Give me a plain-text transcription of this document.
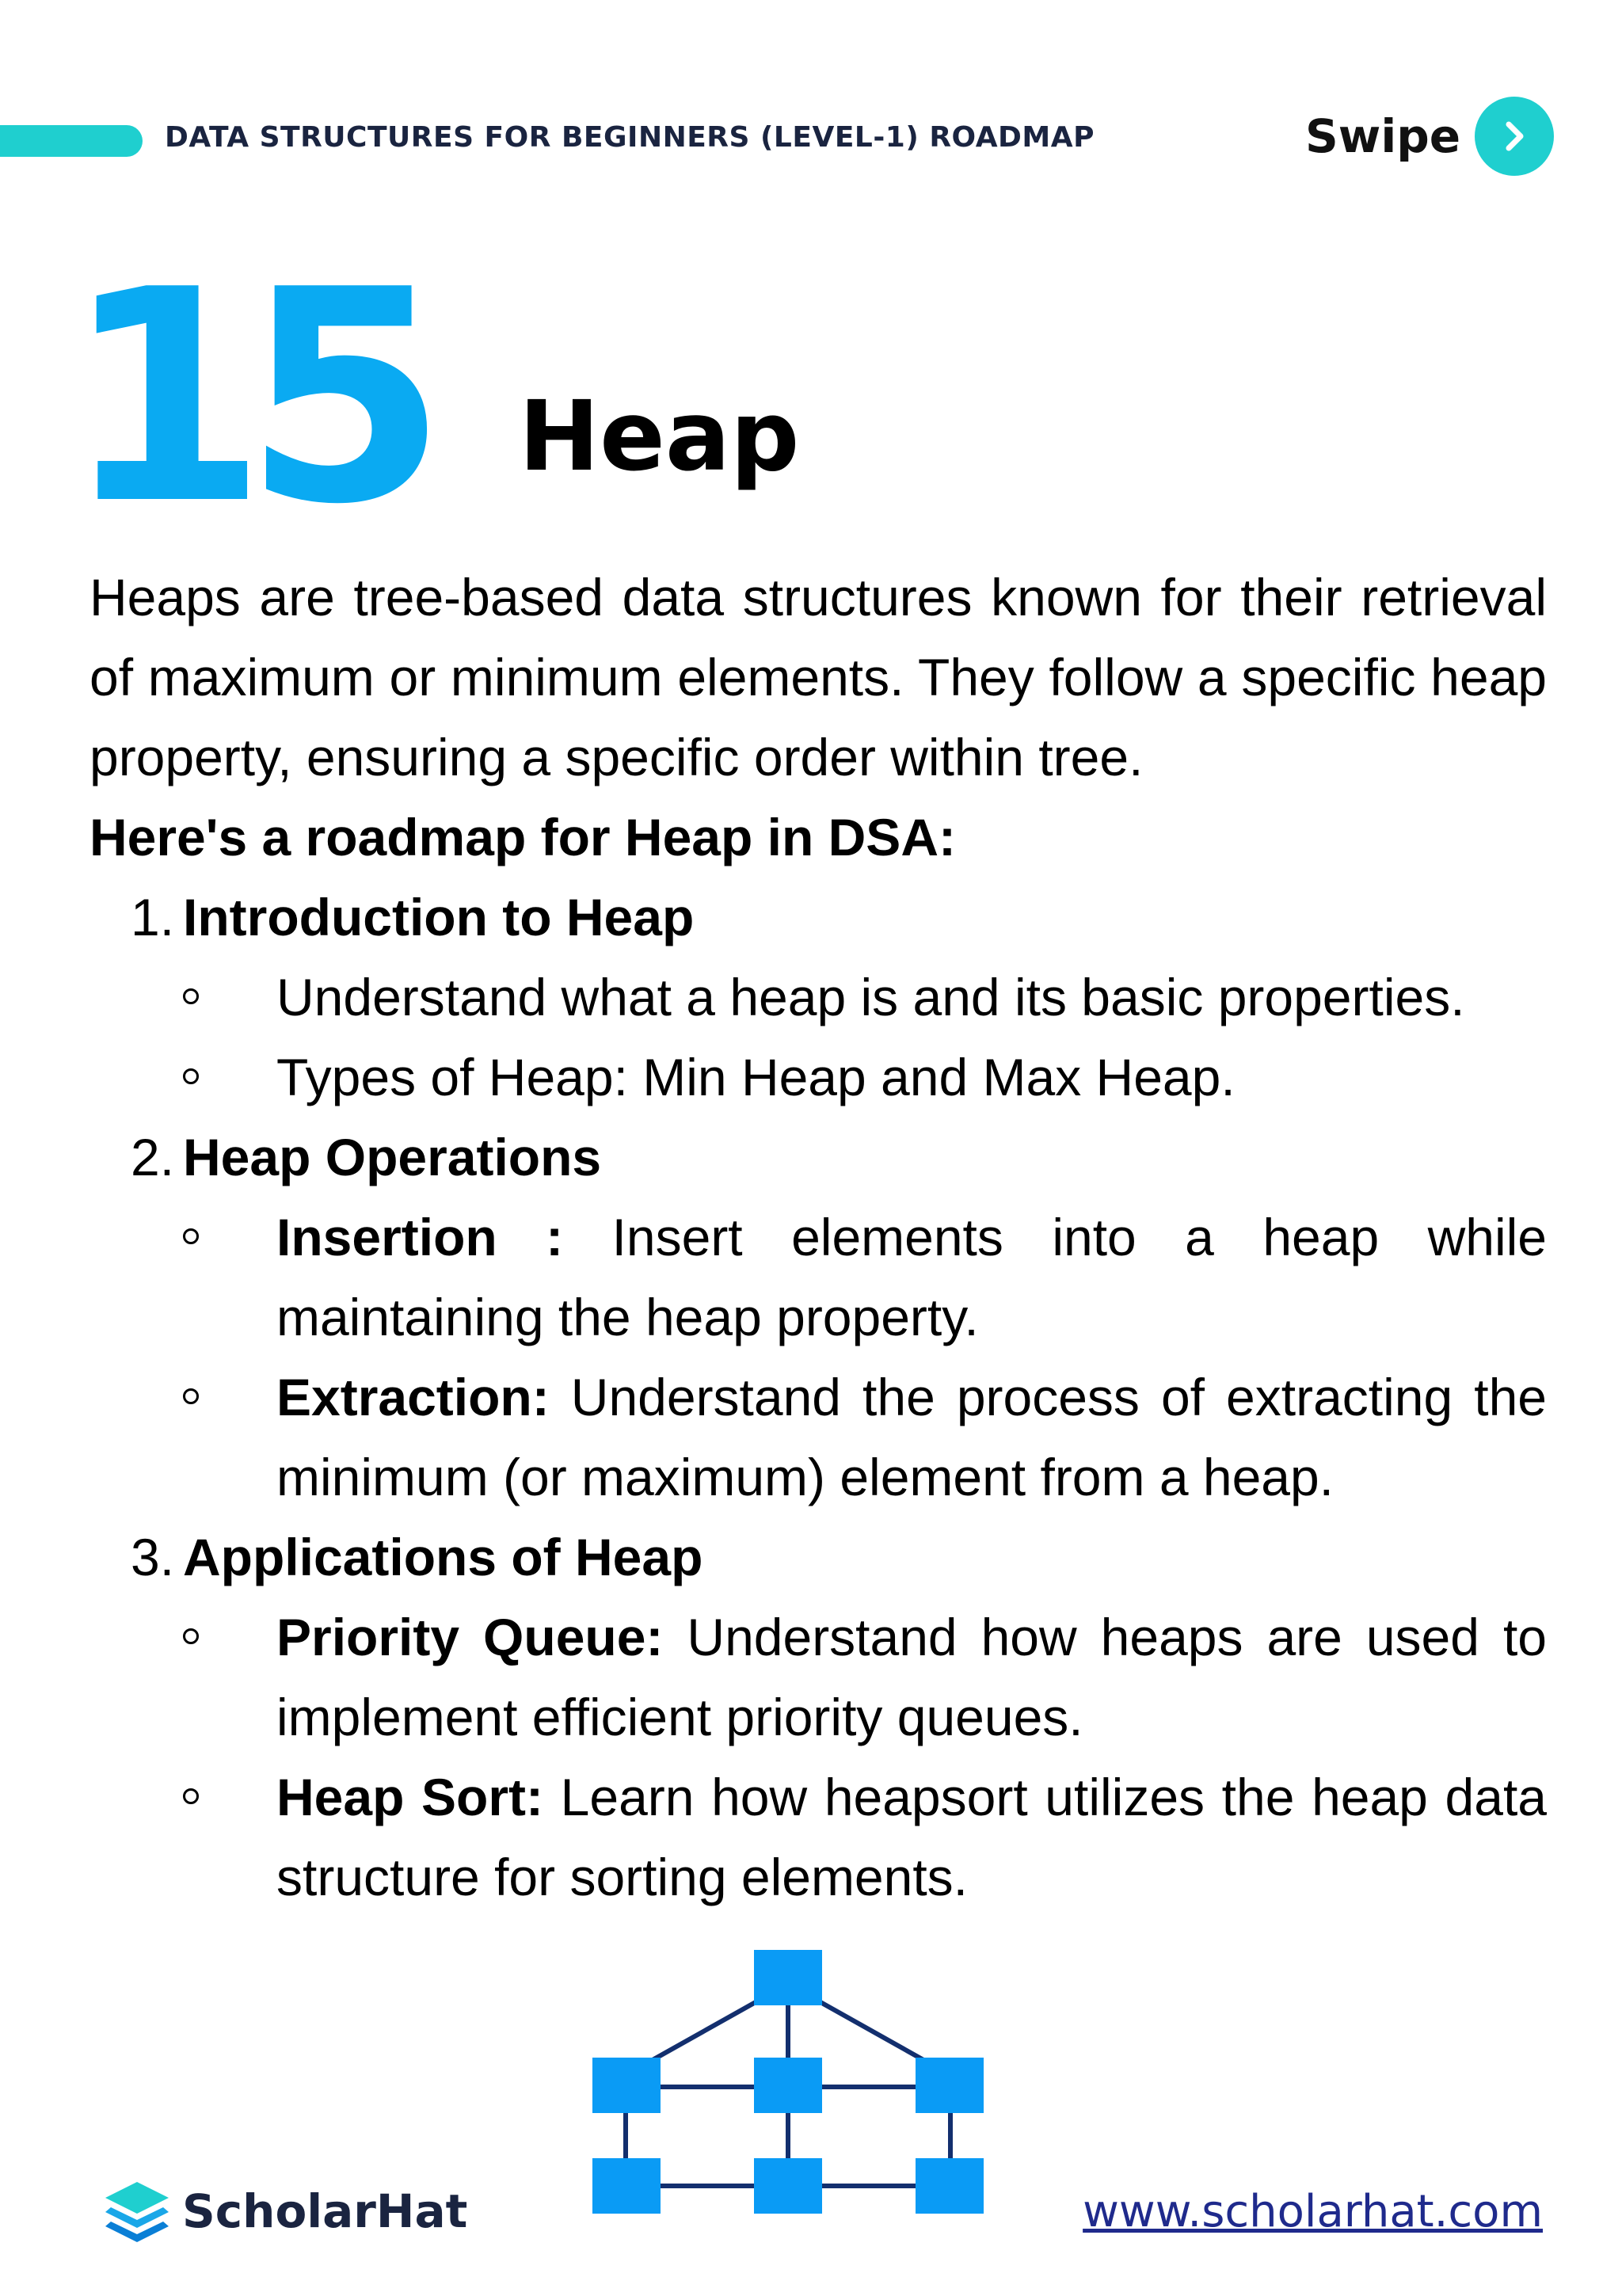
DATA STRUCTURES FOR BEGINNERS (LEVEL-1) ROADMAP	Swipe
15 Heap

Heaps are tree-based data structures known for their retrieval of maximum or minimum elements. They follow a specific heap property, ensuring a specific order within tree.

Here's a roadmap for Heap in DSA:
1. Introduction to Heap
Understand what a heap is and its basic properties.
Types of Heap: Min Heap and Max Heap.
2. Heap Operations
Insertion : Insert elements into a heap while maintaining the heap property.
Extraction: Understand the process of extracting the minimum (or maximum) element from a heap.
3. Applications of Heap
Priority Queue: Understand how heaps are used to implement efficient priority queues.
Heap Sort: Learn how heapsort utilizes the heap data structure for sorting elements.
ScholarHat	www.scholarhat.com
